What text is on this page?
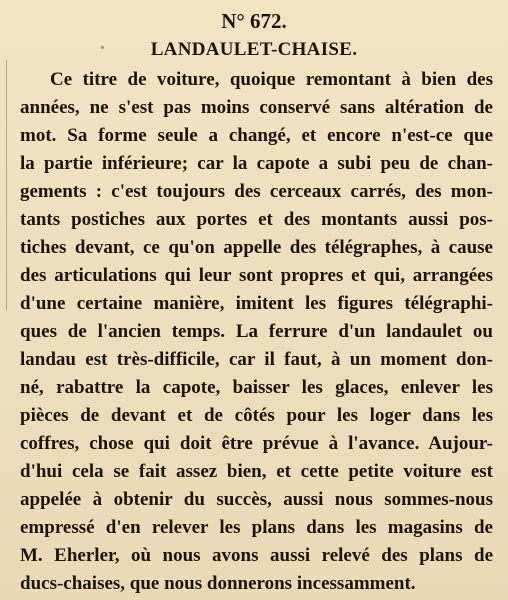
N° 672.
LANDAULET-CHAISE.
Ce titre de voiture, quoique remontant à bien des
années, ne s'est pas moins conservé sans altération de
mot. Sa forme seule a changé, et encore n'est-ce que
la partie inférieure; car la capote a subi peu de chan-
gements : c'est toujours des cerceaux carrés, des mon-
tants postiches aux portes et des montants aussi pos-
tiches devant, ce qu'on appelle des télégraphes, à cause
des articulations qui leur sont propres et qui, arrangées
d'une certaine manière, imitent les figures télégraphi-
ques de l'ancien temps. La ferrure d'un landaulet ou
landau est très-difficile, car il faut, à un moment don-
né, rabattre la capote, baisser les glaces, enlever les
pièces de devant et de côtés pour les loger dans les
coffres, chose qui doit être prévue à l'avance. Aujour-
d'hui cela se fait assez bien, et cette petite voiture est
appelée à obtenir du succès, aussi nous sommes-nous
empressé d'en relever les plans dans les magasins de
M. Eherler, où nous avons aussi relevé des plans de
ducs-chaises, que nous donnerons incessamment.
